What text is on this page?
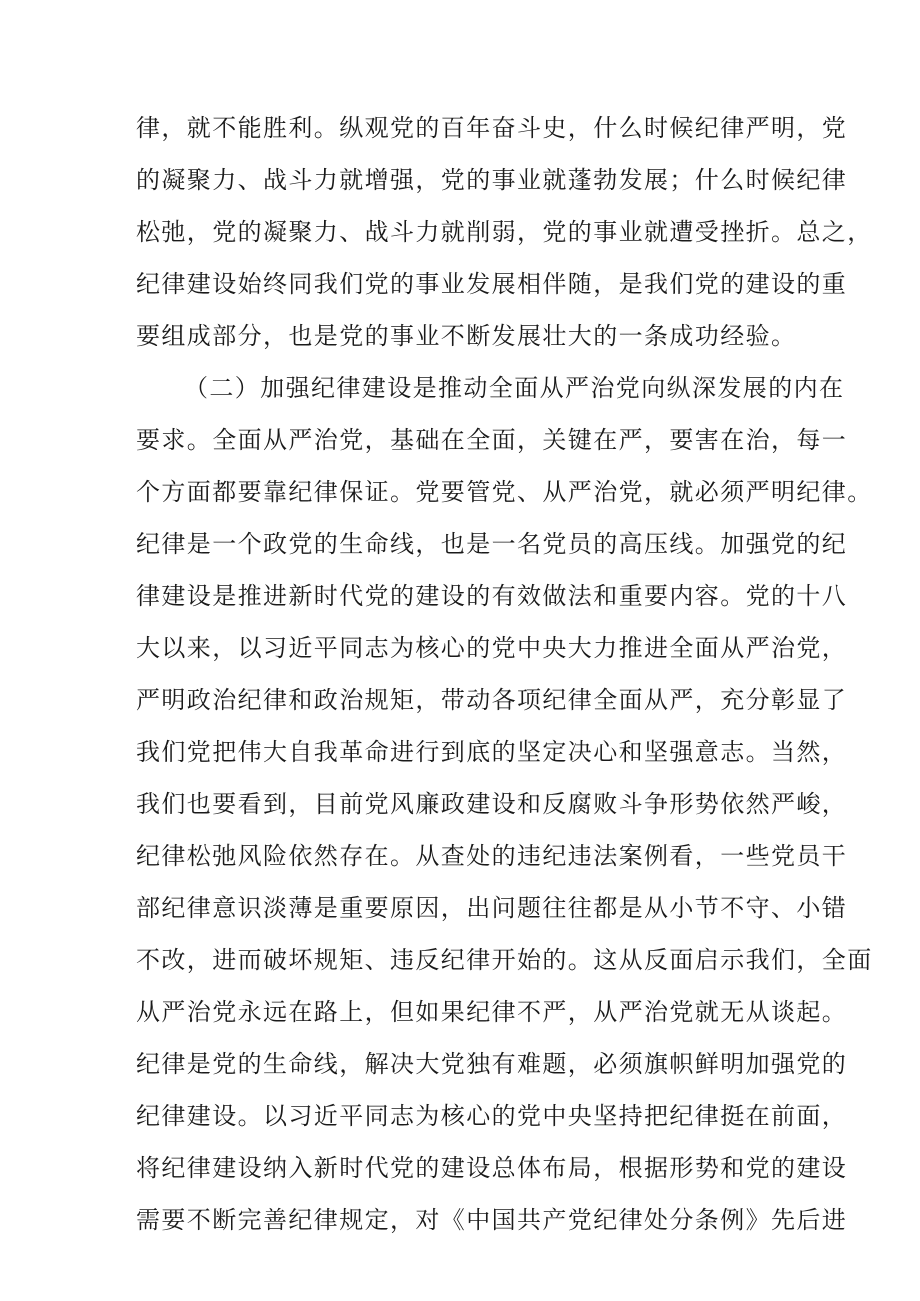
律，就不能胜利。纵观党的百年奋斗史，什么时候纪律严明，党
的凝聚力、战斗力就增强，党的事业就蓬勃发展；什么时候纪律
松弛，党的凝聚力、战斗力就削弱，党的事业就遭受挫折。总之，
纪律建设始终同我们党的事业发展相伴随，是我们党的建设的重
要组成部分，也是党的事业不断发展壮大的一条成功经验。
（二）加强纪律建设是推动全面从严治党向纵深发展的内在
要求。全面从严治党，基础在全面，关键在严，要害在治，每一
个方面都要靠纪律保证。党要管党、从严治党，就必须严明纪律。
纪律是一个政党的生命线，也是一名党员的高压线。加强党的纪
律建设是推进新时代党的建设的有效做法和重要内容。党的十八
大以来，以习近平同志为核心的党中央大力推进全面从严治党，
严明政治纪律和政治规矩，带动各项纪律全面从严，充分彰显了
我们党把伟大自我革命进行到底的坚定决心和坚强意志。当然，
我们也要看到，目前党风廉政建设和反腐败斗争形势依然严峻，
纪律松弛风险依然存在。从查处的违纪违法案例看，一些党员干
部纪律意识淡薄是重要原因，出问题往往都是从小节不守、小错
不改，进而破坏规矩、违反纪律开始的。这从反面启示我们，全面
从严治党永远在路上，但如果纪律不严，从严治党就无从谈起。
纪律是党的生命线，解决大党独有难题，必须旗帜鲜明加强党的
纪律建设。以习近平同志为核心的党中央坚持把纪律挺在前面，
将纪律建设纳入新时代党的建设总体布局，根据形势和党的建设
需要不断完善纪律规定，对《中国共产党纪律处分条例》先后进
